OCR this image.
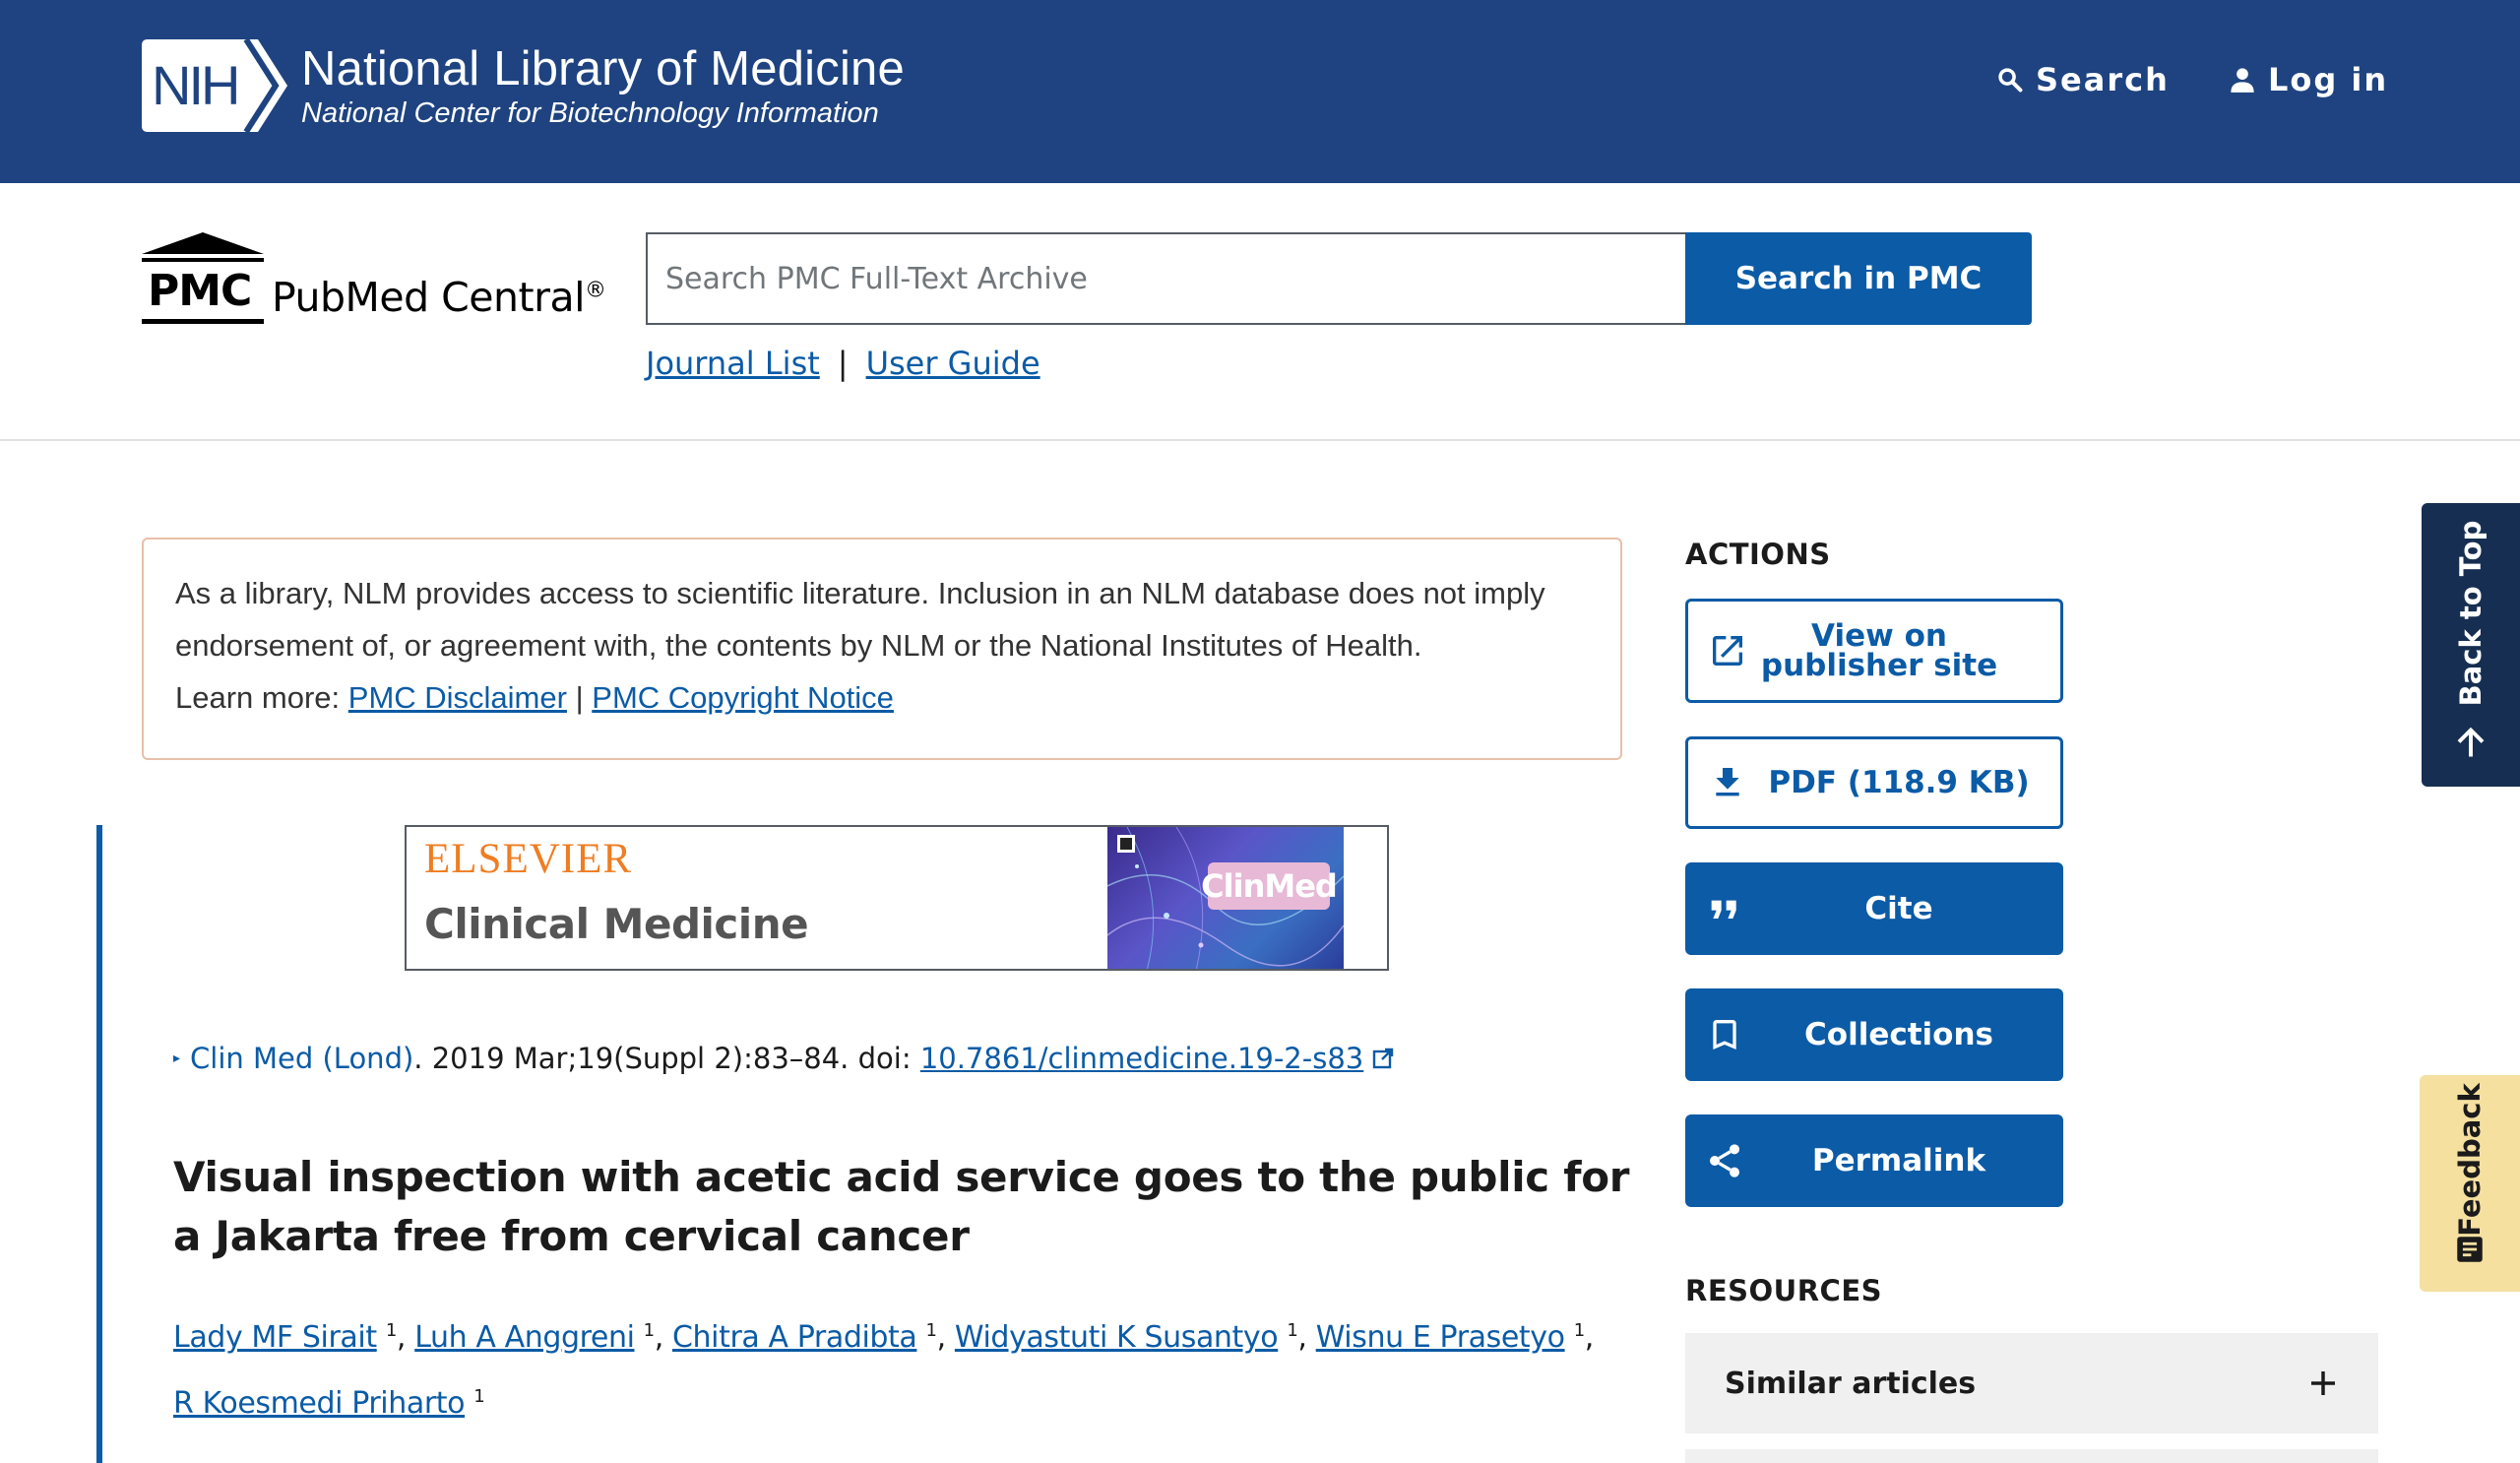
NIH National Library of Medicine
National Center for Biotechnology Information
Search	Log in
PMC PubMed Central® Search PMC Full-Text Archive	Search in PMC
Journal List | User Guide
As a library, NLM provides access to scientific literature. Inclusion in an NLM database does not imply endorsement of, or agreement with, the contents by NLM or the National Institutes of Health.
Learn more: PMC Disclaimer | PMC Copyright Notice
ELSEVIER
Clinical Medicine
ClinMed
▸ Clin Med (Lond) . 2019 Mar;19(Suppl 2):83–84. doi: 10.7861/clinmedicine.19-2-s83
Visual inspection with acetic acid service goes to the public for a Jakarta free from cervical cancer
Lady MF Sirait $^1$, Luh A Anggreni $^1$, Chitra A Pradibta $^1$, Widyastuti K Susantyo $^1$, Wisnu E Prasetyo $^1$, R Koesmedi Priharto $^1$
ACTIONS
View on publisher site
PDF (118.9 KB)
Cite
Collections
Permalink
RESOURCES
Similar articles
Back to Top
Feedback
